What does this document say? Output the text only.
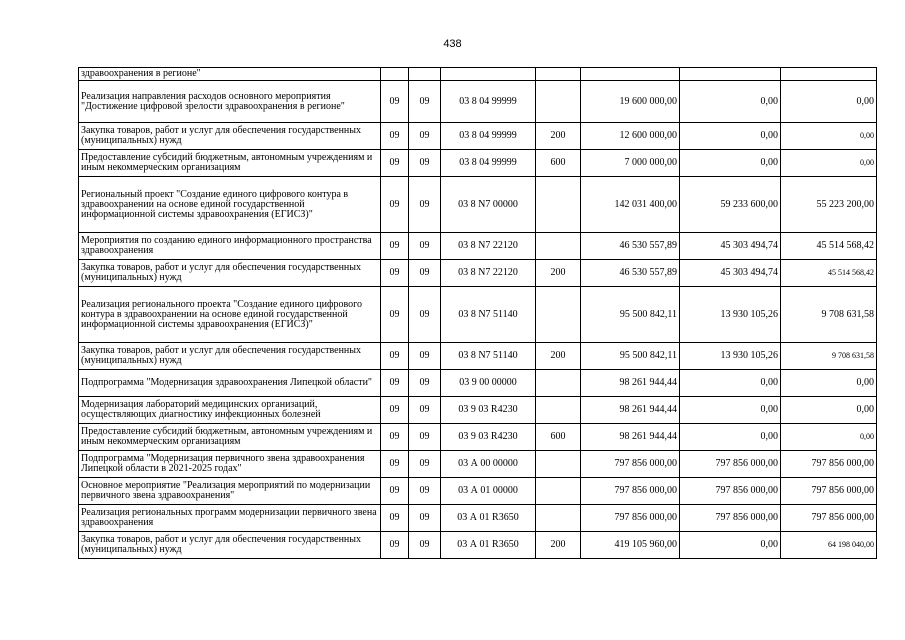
438
здравоохранения в регионе"							
Реализация направления расходов основного мероприятия "Достижение цифровой зрелости здравоохранения в регионе"	09	09	03 8 04 99999		19 600 000,00	0,00	0,00
Закупка товаров, работ и услуг для обеспечения государственных (муниципальных) нужд	09	09	03 8 04 99999	200	12 600 000,00	0,00	0,00
Предоставление субсидий бюджетным, автономным учреждениям и иным некоммерческим организациям	09	09	03 8 04 99999	600	7 000 000,00	0,00	0,00
Региональный проект "Создание единого цифрового контура в здравоохранении на основе единой государственной информационной системы здравоохранения (ЕГИСЗ)"	09	09	03 8 N7 00000		142 031 400,00	59 233 600,00	55 223 200,00
Мероприятия по созданию единого информационного пространства здравоохранения	09	09	03 8 N7 22120		46 530 557,89	45 303 494,74	45 514 568,42
Закупка товаров, работ и услуг для обеспечения государственных (муниципальных) нужд	09	09	03 8 N7 22120	200	46 530 557,89	45 303 494,74	45 514 568,42
Реализация регионального проекта "Создание единого цифрового контура в здравоохранении на основе единой государственной информационной системы здравоохранения (ЕГИСЗ)"	09	09	03 8 N7 51140		95 500 842,11	13 930 105,26	9 708 631,58
Закупка товаров, работ и услуг для обеспечения государственных (муниципальных) нужд	09	09	03 8 N7 51140	200	95 500 842,11	13 930 105,26	9 708 631,58
Подпрограмма "Модернизация здравоохранения Липецкой области"	09	09	03 9 00 00000		98 261 944,44	0,00	0,00
Модернизация лабораторий медицинских организаций, осуществляющих диагностику инфекционных болезней	09	09	03 9 03 R4230		98 261 944,44	0,00	0,00
Предоставление субсидий бюджетным, автономным учреждениям и иным некоммерческим организациям	09	09	03 9 03 R4230	600	98 261 944,44	0,00	0,00
Подпрограмма "Модернизация первичного звена здравоохранения Липецкой области в 2021-2025 годах"	09	09	03 А 00 00000		797 856 000,00	797 856 000,00	797 856 000,00
Основное мероприятие "Реализация мероприятий по модернизации первичного звена здравоохранения"	09	09	03 А 01 00000		797 856 000,00	797 856 000,00	797 856 000,00
Реализация региональных программ модернизации первичного звена здравоохранения	09	09	03 А 01 R3650		797 856 000,00	797 856 000,00	797 856 000,00
Закупка товаров, работ и услуг для обеспечения государственных (муниципальных) нужд	09	09	03 А 01 R3650	200	419 105 960,00	0,00	64 198 040,00
